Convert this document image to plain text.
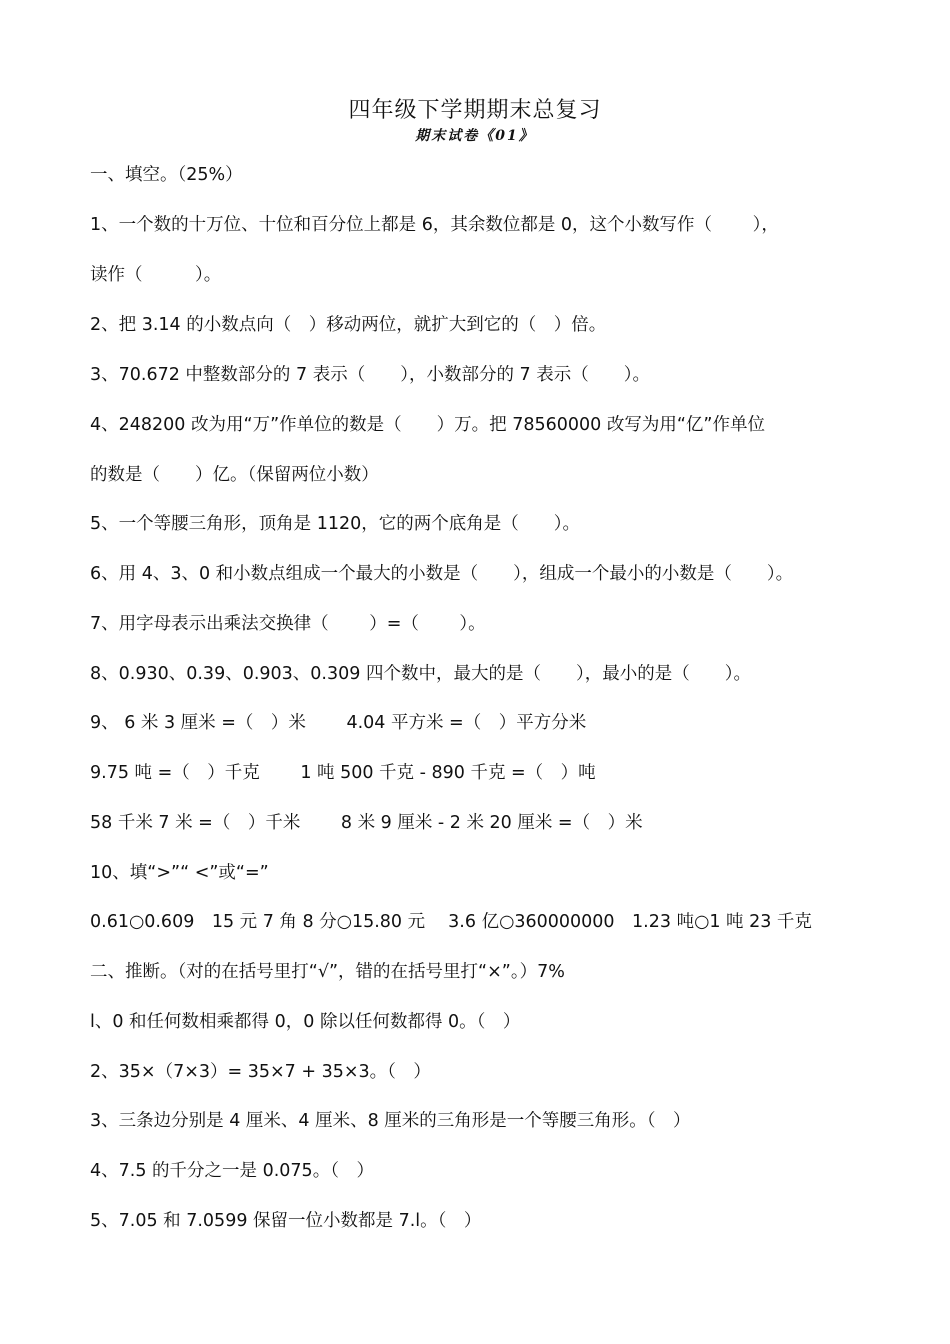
四年级下学期期末总复习
期末试卷《01》
一、填空。（25%）
1、一个数的十万位、十位和百分位上都是 6，其余数位都是 0，这个小数写作（　　 ），
读作（　　　）。
2、把 3.14 的小数点向（　）移动两位，就扩大到它的（　）倍。
3、70.672 中整数部分的 7 表示（　　），小数部分的 7 表示（　　）。
4、248200 改为用“万”作单位的数是（　　）万。把 78560000 改写为用“亿”作单位
的数是（　　）亿。（保留两位小数）
5、一个等腰三角形，顶角是 1120，它的两个底角是（　　）。
6、用 4、3、0 和小数点组成一个最大的小数是（　　），组成一个最小的小数是（　　）。
7、用字母表示出乘法交换律（　　 ）=（　　 ）。
8、0.930、0.39、0.903、0.309 四个数中，最大的是（　　），最小的是（　　）。
9、 6 米 3 厘米 =（　）米　　 4.04 平方米 =（　）平方分米
9.75 吨 =（　）千克　　 1 吨 500 千克 - 890 千克 =（　）吨
58 千米 7 米 =（　）千米　　 8 米 9 厘米 - 2 米 20 厘米 =（　）米
10、填“>”“ <”或“=”
0.61○0.609　15 元 7 角 8 分○15.80 元　 3.6 亿○360000000　1.23 吨○1 吨 23 千克
二、推断。（对的在括号里打“√”，错的在括号里打“×”。）7%
l、0 和任何数相乘都得 0，0 除以任何数都得 0。（　）
2、35×（7×3）= 35×7 + 35×3。（　）
3、三条边分别是 4 厘米、4 厘米、8 厘米的三角形是一个等腰三角形。（　）
4、7.5 的千分之一是 0.075。（　）
5、7.05 和 7.0599 保留一位小数都是 7.l。（　）
